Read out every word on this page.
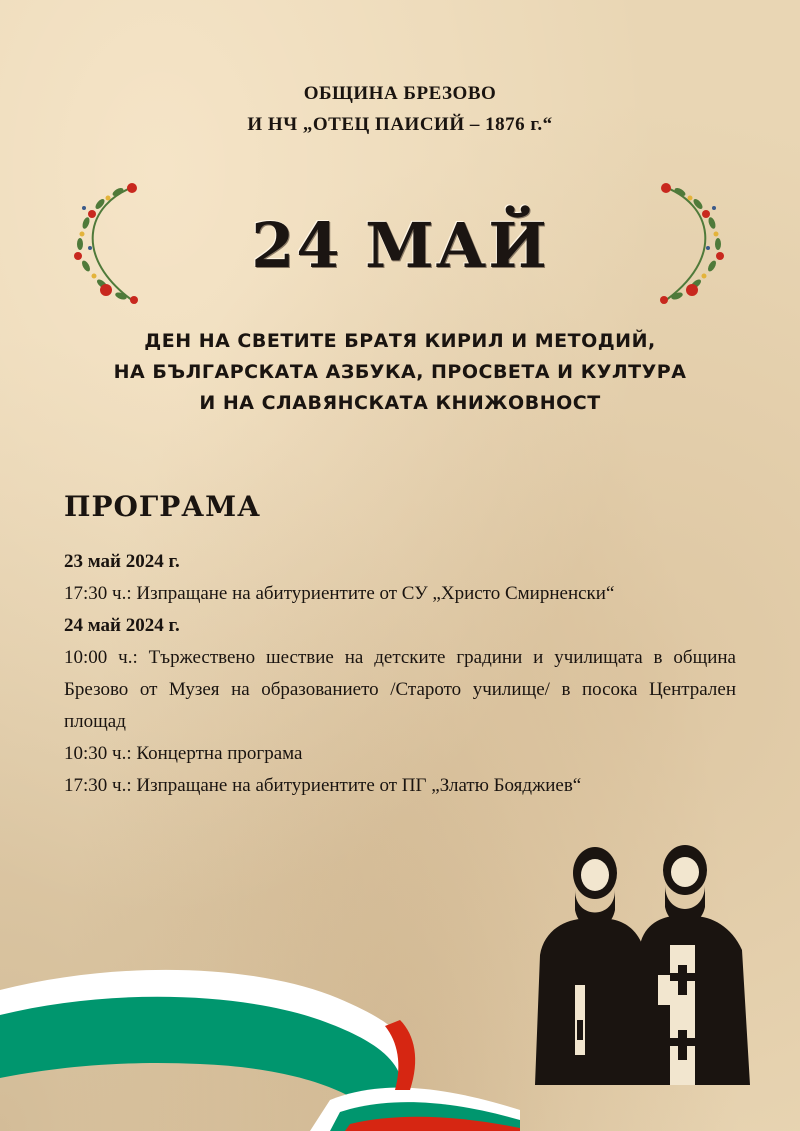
ОБЩИНА БРЕЗОВО
И НЧ „ОТЕЦ ПАИСИЙ – 1876 г.“
24 МАЙ
ДЕН НА СВЕТИТЕ БРАТЯ КИРИЛ И МЕТОДИЙ,
НА БЪЛГАРСКАТА АЗБУКА, ПРОСВЕТА И КУЛТУРА
И НА СЛАВЯНСКАТА КНИЖОВНОСТ
ПРОГРАМА
23 май 2024 г.
17:30 ч.: Изпращане на абитуриентите от СУ „Христо Смирненски“
24 май 2024 г.
10:00 ч.: Тържествено шествие на детските градини и училищата в община Брезово от Музея на образованието /Старото училище/ в посока Централен площад
10:30 ч.: Концертна програма
17:30 ч.: Изпращане на абитуриентите от ПГ „Златю Бояджиев“
